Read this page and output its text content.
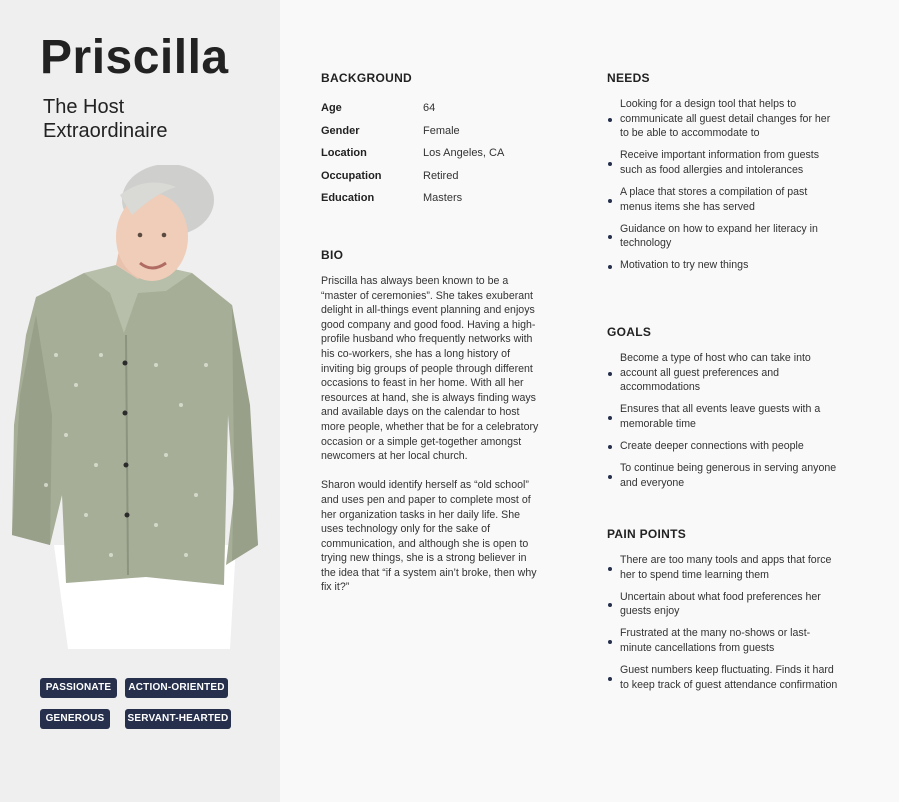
Priscilla
The Host Extraordinaire
PASSIONATE	ACTION-ORIENTED
GENEROUS	SERVANT-HEARTED
BACKGROUND
Age	64
Gender	Female
Location	Los Angeles, CA
Occupation	Retired
Education	Masters
BIO

Priscilla has always been known to be a “master of ceremonies”. She takes exuberant delight in all-things event planning and enjoys good company and good food. Having a high-profile husband who frequently networks with his co-workers, she has a long history of inviting big groups of people through different occasions to feast in her home. With all her resources at hand, she is always finding ways and available days on the calendar to host more people, whether that be for a celebratory occasion or a simple get-together amongst newcomers at her local church.

Sharon would identify herself as “old school” and uses pen and paper to complete most of her organization tasks in her daily life. She uses technology only for the sake of communication, and although she is open to trying new things, she is a strong believer in the idea that “if a system ain’t broke, then why fix it?”

NEEDS
Looking for a design tool that helps to communicate all guest detail changes for her to be able to accommodate to
Receive important information from guests such as food allergies and intolerances
A place that stores a compilation of past menus items she has served
Guidance on how to expand her literacy in technology
Motivation to try new things
GOALS
Become a type of host who can take into account all guest preferences and accommodations
Ensures that all events leave guests with a memorable time
Create deeper connections with people
To continue being generous in serving anyone and everyone
PAIN POINTS
There are too many tools and apps that force her to spend time learning them
Uncertain about what food preferences her guests enjoy
Frustrated at the many no-shows or last-minute cancellations from guests
Guest numbers keep fluctuating. Finds it hard to keep track of guest attendance confirmation
